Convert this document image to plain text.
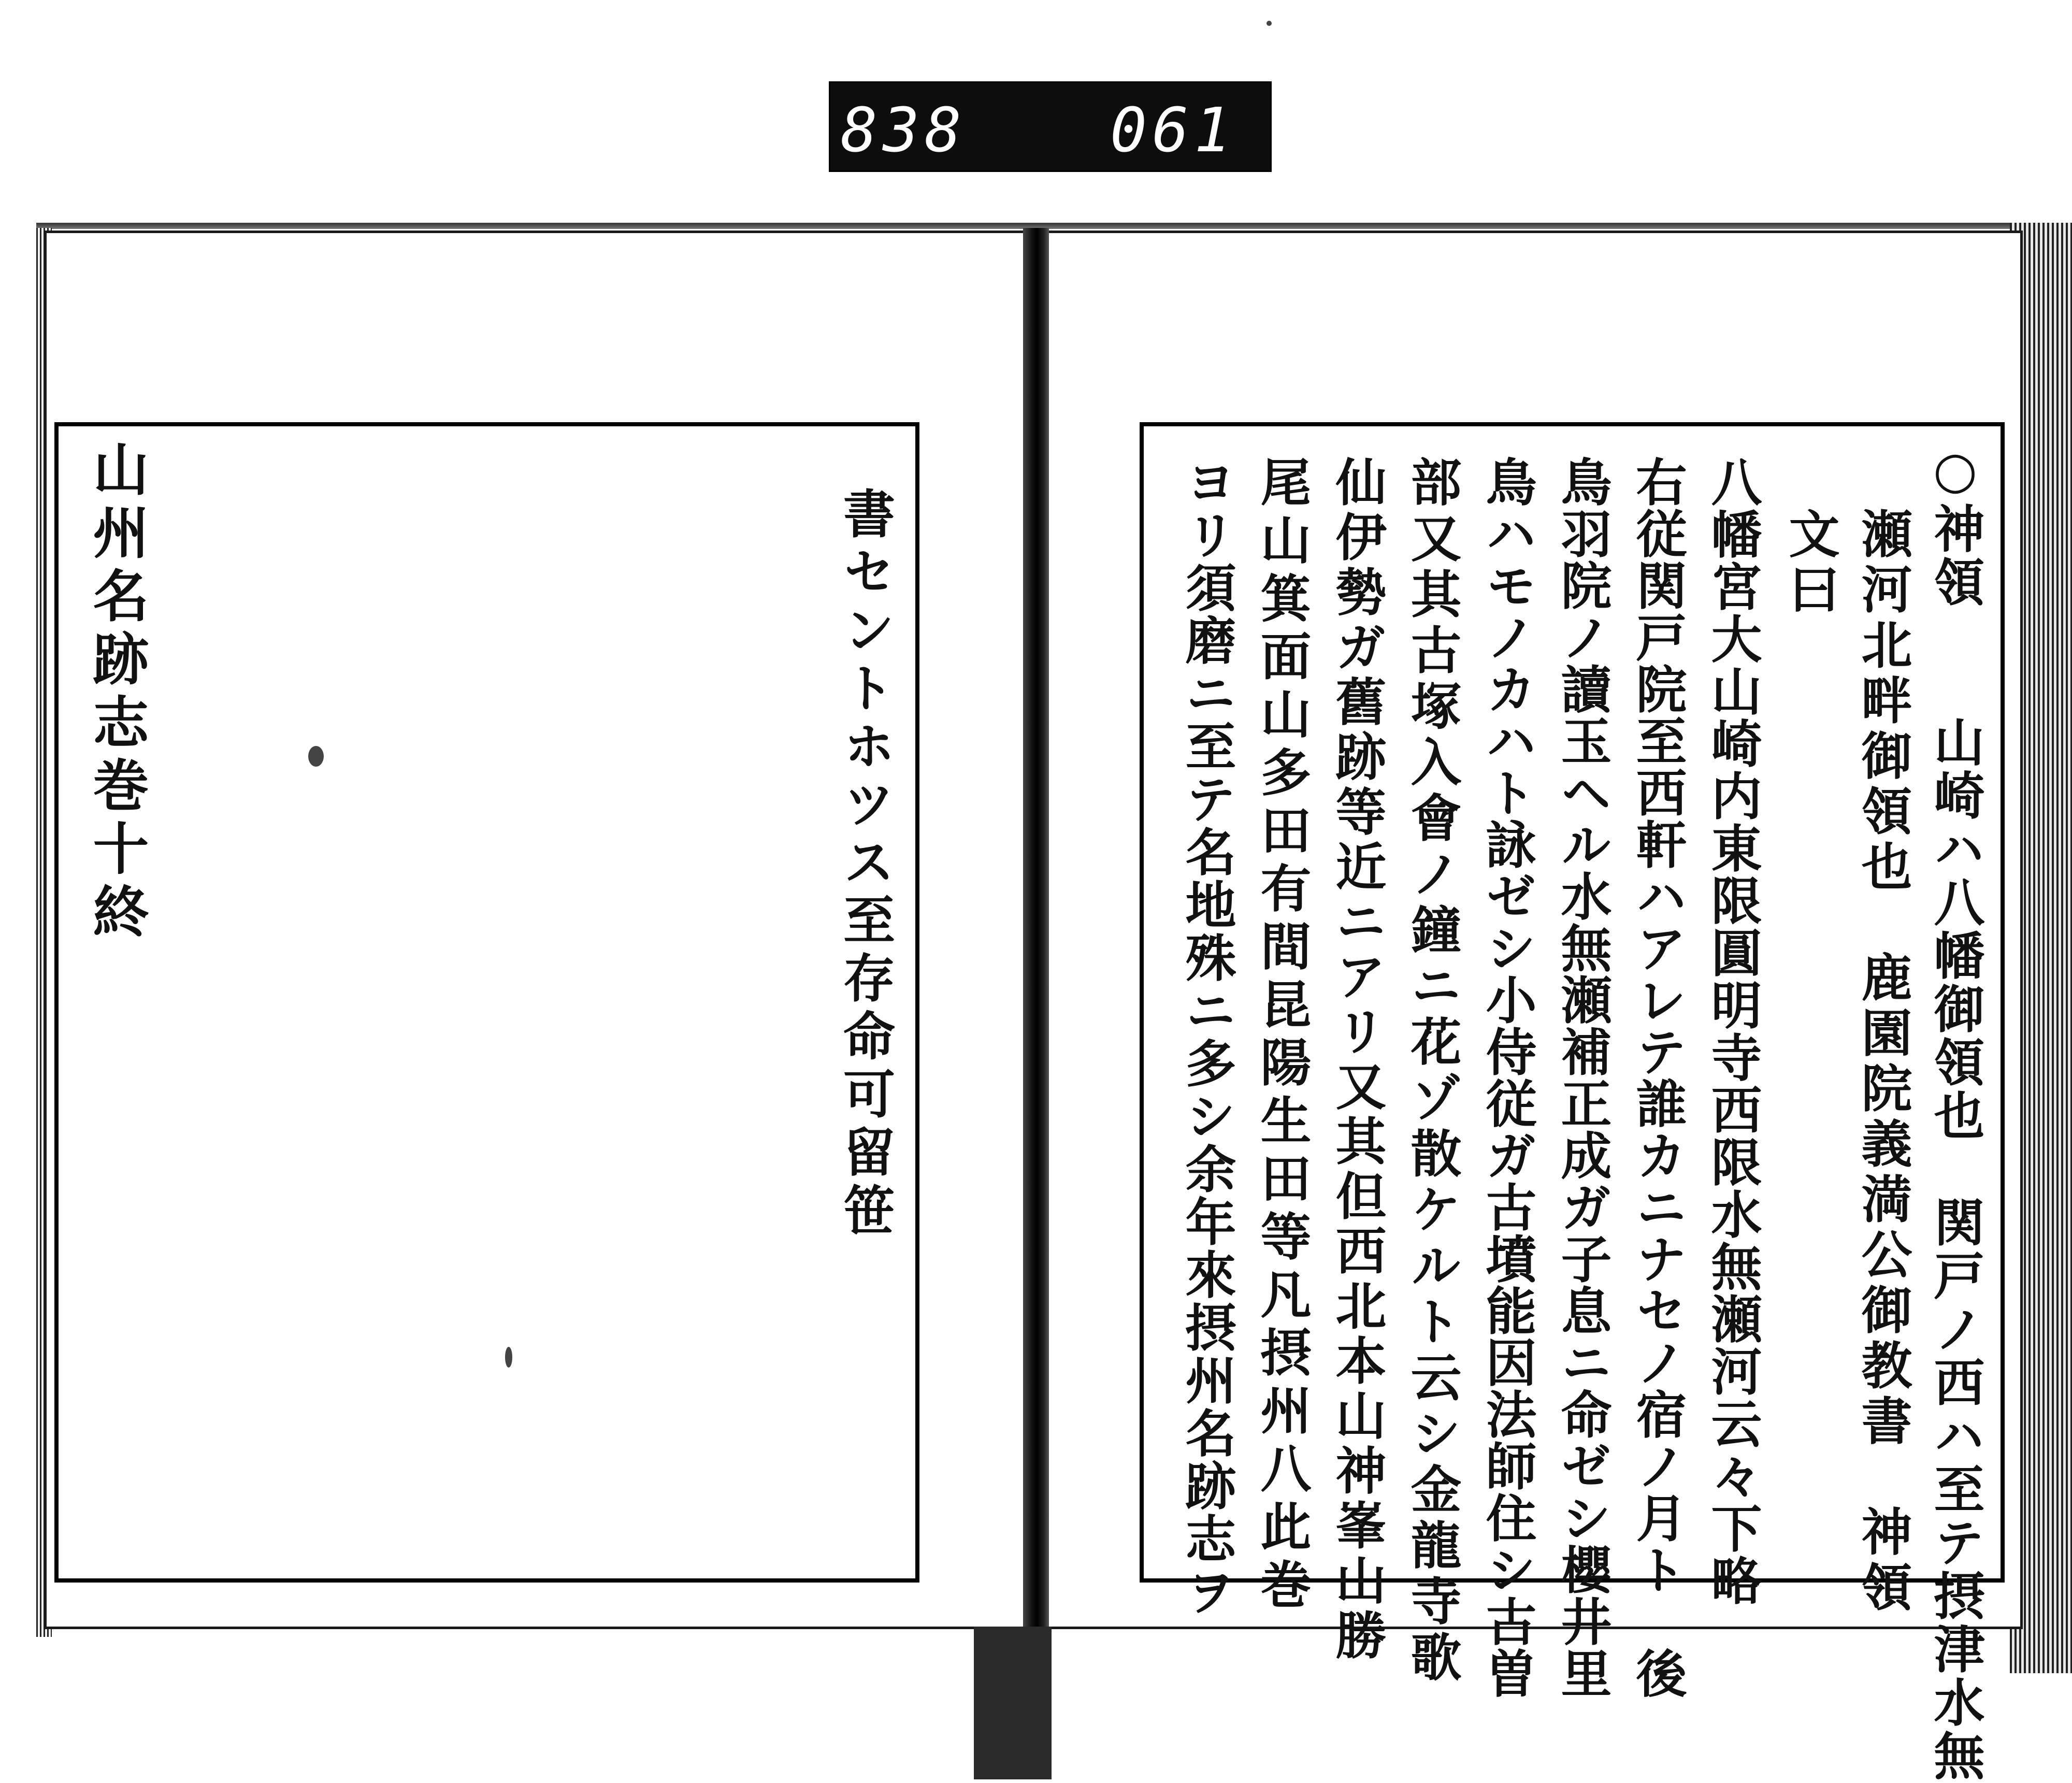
838 061
山州名跡志巻十終	書セントホツス至存命可留笹	○神領　　山崎ハ八幡御領也　関戸ノ西ハ至テ摂津水無
瀬河北畔御領也　鹿園院義満公御教書　神領
文曰
八幡宮大山崎内東限圓明寺西限水無瀬河云々下略
右従関戸院至西軒ハアレテ誰カニナセノ宿ノ月ト　後
鳥羽院ノ讀玉ヘル水無瀬補正成ガ子息ニ命ゼシ櫻井里
鳥ハモノカハト詠ゼシ小侍従ガ古墳能因法師住シ古曽
部又其古塚入會ノ鐘ニ花ゾ散ケルト云シ金龍寺歌
仙伊勢ガ舊跡等近ニアリ又其但西北本山神峯山勝
尾山箕面山多田有間昆陽生田等凡摂州八此巻
ヨリ須磨ニ至テ名地殊ニ多シ余年來摂州名跡志ヲ
